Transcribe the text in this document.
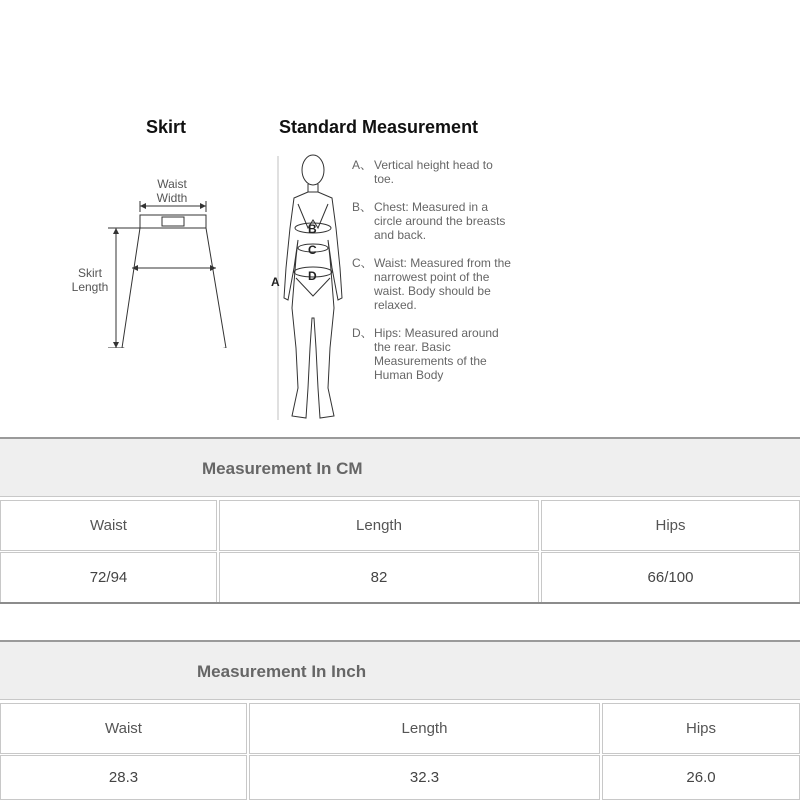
Skirt
Waist
Width
Skirt
Length
Standard Measurement
B
C
D
A
A、 Vertical height head to toe.
B、 Chest: Measured in a circle around the breasts and back.
C、 Waist: Measured from the narrowest point of the waist. Body should be relaxed.
D、 Hips: Measured around the rear. Basic Measurements of the Human Body
Measurement In CM
Waist	Length	Hips
72/94	82	66/100
Measurement In Inch
Waist	Length	Hips
28.3	32.3	26.0
